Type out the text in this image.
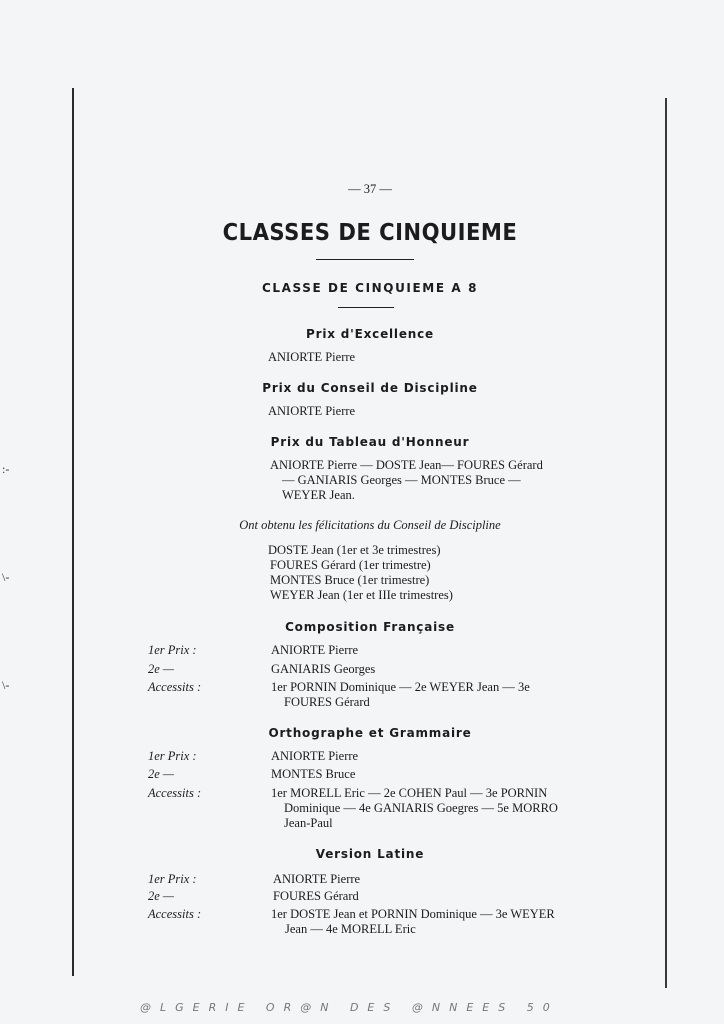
:-
\-
\-
— 37 —
CLASSES DE CINQUIEME
CLASSE DE CINQUIEME A 8
Prix d'Excellence
ANIORTE Pierre
Prix du Conseil de Discipline
ANIORTE Pierre
Prix du Tableau d'Honneur
ANIORTE Pierre — DOSTE Jean— FOURES Gérard
— GANIARIS Georges — MONTES Bruce —
WEYER Jean.
Ont obtenu les félicitations du Conseil de Discipline
DOSTE Jean (1er et 3e trimestres)
FOURES Gérard (1er trimestre)
MONTES Bruce (1er trimestre)
WEYER Jean (1er et IIIe trimestres)
Composition Française
1er Prix :	ANIORTE Pierre
2e —	GANIARIS Georges
Accessits :	1er PORNIN Dominique — 2e WEYER Jean — 3e
FOURES Gérard
Orthographe et Grammaire
1er Prix :	ANIORTE Pierre
2e —	MONTES Bruce
Accessits :	1er MORELL Eric — 2e COHEN Paul — 3e PORNIN
Dominique — 4e GANIARIS Goegres — 5e MORRO
Jean-Paul
Version Latine
1er Prix :	ANIORTE Pierre
2e —	FOURES Gérard
Accessits :	1er DOSTE Jean et PORNIN Dominique — 3e WEYER
Jean — 4e MORELL Eric
@LGERIE OR@N DES @NNEES 50
